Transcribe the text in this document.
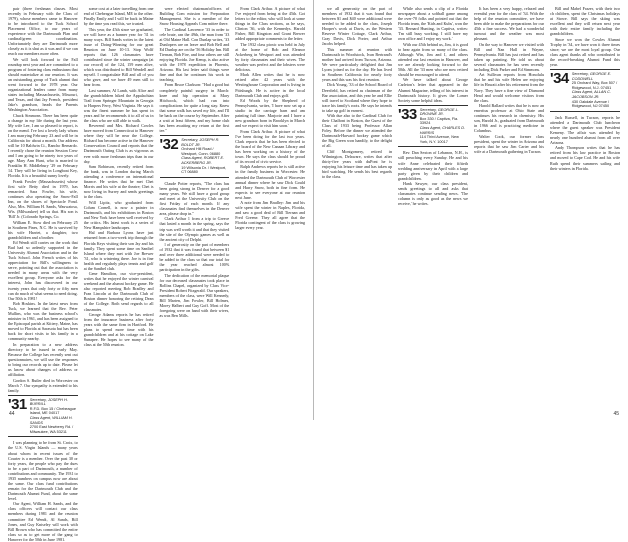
pair (three freshman classes. Most recently in February with the Class of 1979), whose members came to Hanover to be introduced to the Tuck School Placement Office, to our years of experience with the Dartmouth Plan and cardinal/green coordination. Unfortunately they are Dartmouth more closely as it is shut as it was and if we can reach our members more often.

We will look forward to the Fall roundup next year and are committed to a program of fostering class enthusiasm that should materialize at our reunion. It was an outstanding group of Tuck alumni that went forward to the 1978 year. Our organizational leaders came from many states including Massachusetts, Missouri, and Texas, and that Jay French, president Jake's grandson, heads the Parents Washington Association.

Chuck Simmons. There has been quite a change in my life during the last year. My wife Lee, I am so pleased to report, is on the mend. I've lost a lovely lady whom I am marrying February 23 and will be in California for about a month. Our address will be 10 Baldwin Ct., Rancho Bernardo. I recently chose the reunion Session Crew and I am going to be ninety two years of age. Mary Ann Hunt, who is married to Franklin H. Middlebury '29 on February 14. They will be living in Longboat Key, Florida. It is a beautiful sunny lovely.

Frank Fowler (Massachusetts) whose first wife Betty died in 1979, has remarried. Sara Fowler, his wife, continues also operating the Snow-Fall Inn, on the shores of Spectacle Pond. Also, Mrs. William H. Sands, Wauwatosa, Wis. (Milwaukee) tell us that. His son is 'Bill' Jr. (Colorado Springs, Co.

William E. Stow died on February 25 in Southern Pines, N.C. He is survived by his wife Harriet, a daughter, two grandchildren and a brother.

Ed Wendt still carries on the work that Bud had so ardently supported in the University Alumni Association and in the Tuck School. John French writes of his appreciation for Bill's willingness to serve, pointing out that the association is needed in many areas with the very excellent group. Everyone asks for the interest, John has discovered in our twenty years that only forty or fifty men can do much of what seems to need doing. Our 50th is 1981!

Bob Hoskins. In the latest news from Tuck, we learned that the Rev. Peter Mullins, who was the business school's minister in 1961, and has been assigned to the Episcopal parish at Kittery, Maine, has moved to Florida at Sarasota but has been back for short visits to his family in a community nearby.

In preparation to a new address directory to be issued in early May. Because the College has recently sent out questionnaires, we will use the responses to bring our records up to date. Please let us know about changes of address or affiliation.

Gordon S. Butler died in Worcester on March 7. Our sympathy is extended to his family.

'31 Secretary, JOSEPH H. BURRILL
R.F.D. Box 15 / Chebeague Island, ME 04017
Class Agent, WILLIAM H. SANDS
2700 East Newberry Rd. / Milwaukee, WA 53211

I was planning to be from St. Croix, to the U.S. Virgin Islands — many years about whom in recent issues of the Courier is a member. Over the past 30 or forty years, the people who pay the dues to be a part of Dartmouth, a number of contributions and community. The 1931 to 1935 numbers on campus now are about the same. Our class fund contributions remain for the Dartmouth Club and the Dartmouth Alumni Fund, about the same level.

Our Agent, William H. Sands, and the class officers will contact our class members during 1981 and the reunion committee Ed Wendt, Al Sands, Bill Jones, and Guy Kniseley will work with Bill Brown who has committed the entire class so as to get more of the gang to Hanover for the 50th in June 1981.

some cost at a later travelling from one end of Chebeague Island, ME to the other. Finally Emily and I will be back in Maine by the time you read this, we trusted.

This year, the 45th since we graduated, we will have as a banner year for '31 in many ways. Bill Sands writes in the latest issue of Doing-Winning for our great Reunion on June 10-13. Stop Wolff reports that 126 classmates have contributed since the winter campaign (at our record) of the 124, 159 men alive, which was distributed to Bill Wendell and myself. I congratulate Bill and all of you who gave, and we have 49 men still to hear from.

Last summer, Al Lamb, with Alice and the grandchildren hiked the Appalachian Trail from Springer Mountain in Georgia to Harpers Ferry, West Virginia. He says it was the finest summer he has spent in years and he recommends it to all of us in the class who are still able to walk.

Reverend and Mrs. Richard Cowles have moved from Connecticut to Hanover where they will be near the College. Richard has become active in the Hanover Conservation Council and reports that the Dartmouth Outing Club is as vigorous as ever with more freshman trips than in our day.

Sam Robinson, recently retired from the bank, was in London during March attending a conference on international finance. He writes that he met Chet Morris and his wife at the theatre; Chet is now living in Surrey and sends greetings to the class.

Will Lipitz, who graduated from Colum Cornell, is now a painter in Dartmouth, and his exhibitions in Boston and New York have been well received by the critics. His latest work is a series of New Hampshire landscapes.

Hal and Barbara Lyons have just returned from a two-week trip through the Florida Keys visiting their son Jay and his family. They spent some time on Sanibel Island where they met with Joe Brewer '31, who is wintering there. Joe is in fine health and regularly plays tennis and golf at the Sanibel club.

Gene Hamilton, our vice-president, writes that he enjoyed the winter carnival weekend and the alumni hockey game. He also reported meeting Bob Bradley and Fran Lincoln at the Dartmouth Club of Boston dinner honoring the retiring Dean of the College. Both send regards to all classmates.

George Adams reports he has retired from the insurance business after forty years with the same firm in Hartford. He plans to spend more time with his grandchildren and at his cottage on Lake Sunapee. He hopes to see many of the class at the 50th reunion.

were elected chairman/officers of Building Com mission for Preparation Management. She is a member of the Snow Housing Appeals Com mittee there.

The Cardinal Lawrence '33 in order to cele brate, ran the 49th, the man from '33 at Old Maine Hall. Con Dunlap writes, '33 Dunlopers are on leave and Bob Bell and Ed Dunlop are on the '56 Holiday Inn. Bill Tiernan, Bob Fire, and four others are still enjoying Florida. Joe Kemp, is also active with the 1978 expedition in Phoenix, Arizona. His last letter said things were fine and that he continues his work in teaching.

From Bruce Clarkson: "Had a good but completely painful surgery in March: knee and hip operation at Mary Hitchcock, which had run into complications for quite a long stay. Knew that some walk has saved my life, and I'll be back on the course by September. After a wait at least fifteen, and my home club has been awaiting my return at the first tee."

'32 Secretary, JOSEPH R. BOLDT JR.
Orchard Hill Road / Westport, Conn. 06880
Class Agent, ROBERT E. ACKERBERG JR.
19 Wilsonia Dr. / Westport, CT 06880

Claude Potter reports, "The class has been going strong in Denver for a good many years. We still have a good group and meet at the University Club on the first Friday of each month. If any classmates find themselves in the Denver area, please drop in."

Clark Arthur 1 from a trip to Greece that lasted a month in the spring, says the trip was well worth it and that they visited the site of the Olympic games as well as the ancient city of Delphi.

l of generosity on the part of members of 1932 that it was found that between $1 and over three additional were needed to be added to the class so that our total for the year reached almost 100% participation in the gifts.

The dedication of the memorial plaque for our deceased classmates took place in Rollins Chapel, organized by Class Vice-President Robert Fitzgerald. Our speakers, members of the class, were Will Kennedy, Bill Marten, Jim Fowler, Bill Holmes, Morey Halbert and Guy Goff. Most of the foregoing were on hand with their wives, as was Ben Mills.

From Clark Arthur. A picture of what I've enjoyed from being at the 45th. Got letters to the editor, who will look at some things in the Class sections, as he says, Clinton '36, with the Kennedys. Harold Fisher, Bill Kingston and Grant Brewer added appropriate comments to the letter.

The 1932 class picnic was held in July at the home of Bob and Eleanor Ackerberg in Westport and was attended by forty classmates and their wives. The weather was perfect and the lobsters were delicious.

Mark Allen writes that he is now retired after 42 years with the Westinghouse Corporation and is living in Pittsburgh. He is active in the local Dartmouth Club and enjoys golf.

Ed Woods by the Shepherd of Pennsylvania, writes, 'I have now set up a studio in the carriage barn and am painting full time. Marjorie and I have a new grandson born in Brooklyn in March and we expect to visit him soon.'

From Clark Arthur. A picture of what I've been doing for the last two years. Clark reports that he has been elected to the board of the New Canaan Library and has been working on a history of the town. He says the class should be proud of its record of civic service.

Ralph Andrews reports he is still active in the family business in Worcester. He attended the Dartmouth Club of Worcester annual dinner where he saw Dick Gould and Harry Snow, both in fine form. He expects to see everyone at our reunion next June.

A note from Jim Bradley: Jim and his wife spent the winter in Naples, Florida, and saw a good deal of Bill Tiernan and Fred Greene. They all agree that the Florida contingent of the class is growing larger every year.

44

we all generosity on the part of members of 1932 that it was found that between $1 and $40 were additional were needed to be added to the class, Joseph Hooper's work at Davis, as the Western Reserve Winter Cottage, Clark Arthur, Gray Davis, Dick Porter, and Arthur Jacobs helped.

This summer at reunion with Dartmouth in Woodstock, Ivan Bertrand's mother had arrived from Tucson, Arizona. We were particularly delighted that Jim Lyons joined us for the day. He has lived in Southern California for nearly forty years and this was his first reunion.

Dick Young, '33 of the School Board of Deerfield, has retired as chairman of the Bar association, and this year he and Ellie will travel to Scotland where they hope to trace his family's roots. He says he intends to take up golf in earnest.

With due also to the Cardinal Club for their Chalfont in Boston, the Guest of the Class of 1933 being Professor Allan Foley. Before the dinner we attended the Dartmouth-Harvard hockey game which the Big Green won handily, to the delight of all.

Cliff Montgomery, retired in Wilmington, Delaware, writes that after thirty-five years with duPont he is enjoying his leisure time and has taken up bird watching. He sends his best regards to the class.

While also sends a clip of a Florida newspaper about a softball game among the over-70 folks and pointed out that the Florida team, the 'Kids and Kubs', won the '33. Bernard Hunting, in Captiva, writes: 'I'm still busy working. I still have my own office and I enjoy my work.'

With our 45th behind us, Jim, it is good to hear again from so many of the class. Although Win, Jim and I, and others attended our last reunion in Hanover, and we are already looking forward to the 50th. All the '33 men who are now retired should be encouraged to attend.

We have talked about George Carleton's letter that appeared in the Alumni Magazine, telling of his interest in Dartmouth history. It gives the Lomer Society some helpful ideas.

'33 Secretary, GEORGE L. DROWNE JR.
Box 330 / Captiva, Fla. 33924
Class Agent, CHARLES D. HARRIS
114 Third Avenue, New York, N.Y. 10017

Rev. Dan Sexton of Lebanon, N.H., is still preaching every Sunday. He and his wife Anne celebrated their fiftieth wedding anniversary in April with a large party given by their children and grandchildren.

Hank Sawyer, our class president, sends greetings to all and asks that classmates continue sending news. 'The column is only as good as the news we receive,' he writes.

It has been a very happy, relaxed and eventful year for the class of '34. With the help of the reunion committee, we have been able to make the preparations for our 45th a fine success. We had a wonderful turnout and the weather was most pleasant.

On the way to Hanover we visited with Bill and Nan Hall in Wayne, Pennsylvania. Bill has just retired and has taken up painting. He told us about several classmates he has seen recently including Dick Parker and Ed Simmons.

Art Sullivan reports from Honolulu that he and his wife Helen are enjoying life in Hawaii after his retirement from the Navy. They have a fine view of Diamond Head and would welcome visitors from the class.

Harold Ballard writes that he is now an emeritus professor at Ohio State and continues his research in chemistry. His son, Harold Jr., graduated from Dartmouth in 1966 and is practicing medicine in Columbus.

Walter Cook, our former class president, spent the winter in Arizona and reports that he saw Jim Carter and his wife at a Dartmouth gathering in Tucson.

Bill and Mabel Frazer, with their two ch children, spent the Christmas holidays at Stowe. Bill says the skiing was excellent and they will return next year with their entire family including the grandchildren.

Since we won the Cowles Alumni Trophy in '34, we have won it three times since; we are the most loyal group. Our class agent thanks all who contributed to the record-breaking Alumni Fund this year.

'34 Secretary, GEORGE E. CODDWELL
25 Orchard Way, Box 507 / Ridgewood, N.J. 07451
Class Agent, ALLAN C. JACOBSON JR.
430 Oakdale Avenue / Ridgewood, NJ 07450

Jack Russell, in Tucson, reports he attended a Dartmouth Club luncheon where the guest speaker was President Kemeny. The affair was attended by nearly one hundred alumni from all over Arizona.

Andy Thompson writes that he has retired from his law practice in Boston and moved to Cape Cod. He and his wife Ruth spend their summers sailing and their winters in Florida.

45
